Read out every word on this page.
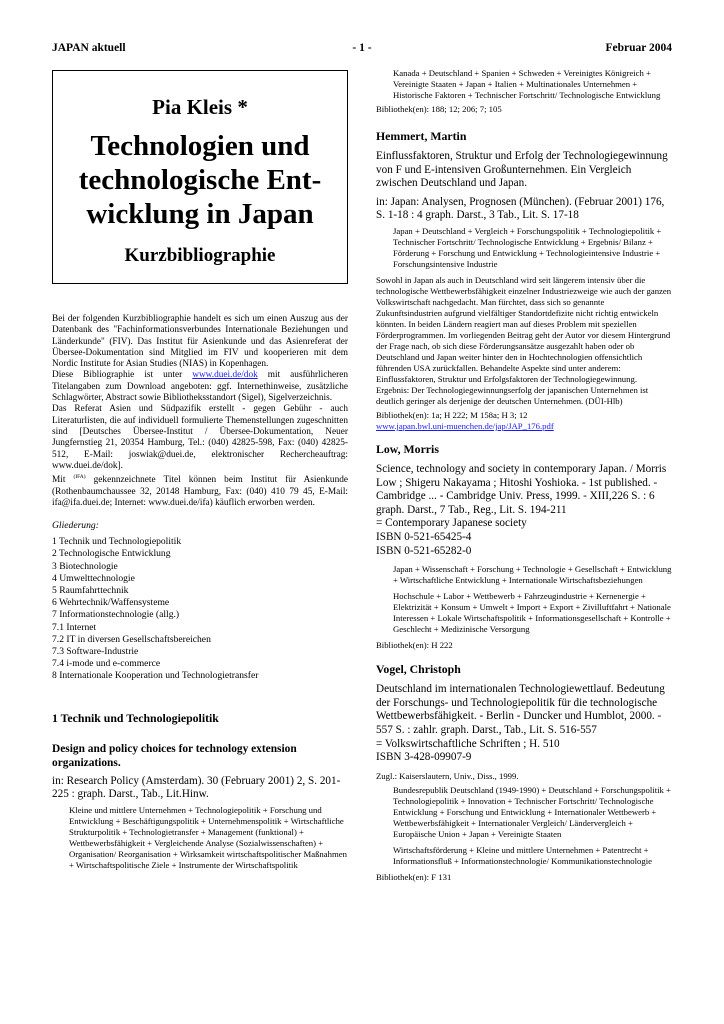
JAPAN aktuell	- 1 -	Februar 2004
Pia Kleis *
Technologien und
technologische Ent-
wicklung in Japan
Kurzbibliographie

Bei der folgenden Kurzbibliographie handelt es sich um einen Auszug aus der Datenbank des "Fachinformationsverbundes Internationale Beziehungen und Länderkunde" (FIV). Das Institut für Asienkunde und das Asienreferat der Übersee-Dokumentation sind Mitglied im FIV und kooperieren mit dem Nordic Institute for Asian Studies (NIAS) in Kopenhagen.

Diese Bibliographie ist unter www.duei.de/dok mit ausführlicheren Titelangaben zum Download angeboten: ggf. Internethinweise, zusätzliche Schlagwörter, Abstract sowie Bibliotheksstandort (Sigel), Sigelverzeichnis.

Das Referat Asien und Südpazifik erstellt - gegen Gebühr - auch Literaturlisten, die auf individuell formulierte Themenstellungen zugeschnitten sind [Deutsches Übersee-Institut / Übersee-Dokumentation, Neuer Jungfernstieg 21, 20354 Hamburg, Tel.: (040) 42825-598, Fax: (040) 42825-512, E-Mail: joswiak@duei.de, elektronischer Rechercheauftrag: www.duei.de/dok].

Mit $^{(IFA)}$ gekennzeichnete Titel können beim Institut für Asienkunde (Rothenbaumchaussee 32, 20148 Hamburg, Fax: (040) 410 79 45, E-Mail: ifa@ifa.duei.de; Internet: www.duei.de/ifa) käuflich erworben werden.

Gliederung:
1 Technik und Technologiepolitik
2 Technologische Entwicklung
3 Biotechnologie
4 Umwelttechnologie
5 Raumfahrttechnik
6 Wehrtechnik/Waffensysteme
7 Informationstechnologie (allg.)
7.1 Internet
7.2 IT in diversen Gesellschaftsbereichen
7.3 Software-Industrie
7.4 i-mode und e-commerce
8 Internationale Kooperation und Technologietransfer
1 Technik und Technologiepolitik
Design and policy choices for technology extension organizations.
in: Research Policy (Amsterdam). 30 (February 2001) 2, S. 201-225 : graph. Darst., Tab., Lit.Hinw.
Kleine und mittlere Unternehmen + Technologiepolitik + Forschung und Entwicklung + Beschäftigungspolitik + Unternehmenspolitik + Wirtschaftliche Strukturpolitik + Technologietransfer + Management (funktional) + Wettbewerbsfähigkeit + Vergleichende Analyse (Sozialwissenschaften) + Organisation/ Reorganisation + Wirksamkeit wirtschaftspolitischer Maßnahmen + Wirtschaftspolitische Ziele + Instrumente der Wirtschaftspolitik
Kanada + Deutschland + Spanien + Schweden + Vereinigtes Königreich + Vereinigte Staaten + Japan + Italien + Multinationales Unternehmen + Historische Faktoren + Technischer Fortschritt/ Technologische Entwicklung
Bibliothek(en): 188; 12; 206; 7; 105
Hemmert, Martin
Einflussfaktoren, Struktur und Erfolg der Technologiegewinnung von F und E-intensiven Großunternehmen. Ein Vergleich zwischen Deutschland und Japan.
in: Japan: Analysen, Prognosen (München). (Februar 2001) 176, S. 1-18 : 4 graph. Darst., 3 Tab., Lit. S. 17-18
Japan + Deutschland + Vergleich + Forschungspolitik + Technologiepolitik + Technischer Fortschritt/ Technologische Entwicklung + Ergebnis/ Bilanz + Förderung + Forschung und Entwicklung + Technologieintensive Industrie + Forschungsintensive Industrie
Sowohl in Japan als auch in Deutschland wird seit längerem intensiv über die technologische Wettbewerbsfähigkeit einzelner Industriezweige wie auch der ganzen Volkswirtschaft nachgedacht. Man fürchtet, dass sich so genannte Zukunftsindustrien aufgrund vielfältiger Standortdefizite nicht richtig entwickeln könnten. In beiden Ländern reagiert man auf dieses Problem mit speziellen Förderprogrammen. Im vorliegenden Beitrag geht der Autor vor diesem Hintergrund der Frage nach, ob sich diese Förderungsansätze ausgezahlt haben oder ob Deutschland und Japan weiter hinter den in Hochtechnologien offensichtlich führenden USA zurückfallen. Behandelte Aspekte sind unter anderem: Einflussfaktoren, Struktur und Erfolgsfaktoren der Technologiegewinnung. Ergebnis: Der Technologiegewinnungserfolg der japanischen Unternehmen ist deutlich geringer als derjenige der deutschen Unternehmen. (DÜI-Hlb)
Bibliothek(en): 1a; H 222; M 158a; H 3; 12
www.japan.bwl.uni-muenchen.de/jap/JAP_176.pdf
Low, Morris
Science, technology and society in contemporary Japan. / Morris Low ; Shigeru Nakayama ; Hitoshi Yoshioka. - 1st published. - Cambridge ... - Cambridge Univ. Press, 1999. - XIII,226 S. : 6 graph. Darst., 7 Tab., Reg., Lit. S. 194-211
= Contemporary Japanese society
ISBN 0-521-65425-4
ISBN 0-521-65282-0

Japan + Wissenschaft + Forschung + Technologie + Gesellschaft + Entwicklung + Wirtschaftliche Entwicklung + Internationale Wirtschaftsbeziehungen

Hochschule + Labor + Wettbewerb + Fahrzeugindustrie + Kernenergie + Elektrizität + Konsum + Umwelt + Import + Export + Zivilluftfahrt + Nationale Interessen + Lokale Wirtschaftspolitik + Informationsgesellschaft + Kontrolle + Geschlecht + Medizinische Versorgung

Bibliothek(en): H 222
Vogel, Christoph
Deutschland im internationalen Technologiewettlauf. Bedeutung der Forschungs- und Technologiepolitik für die technologische Wettbewerbsfähigkeit. - Berlin - Duncker und Humblot, 2000. - 557 S. : zahlr. graph. Darst., Tab., Lit. S. 516-557
= Volkswirtschaftliche Schriften ; H. 510
ISBN 3-428-09907-9
Zugl.: Kaiserslautern, Univ., Diss., 1999.

Bundesrepublik Deutschland (1949-1990) + Deutschland + Forschungspolitik + Technologiepolitik + Innovation + Technischer Fortschritt/ Technologische Entwicklung + Forschung und Entwicklung + Internationaler Wettbewerb + Wettbewerbsfähigkeit + Internationaler Vergleich/ Ländervergleich + Europäische Union + Japan + Vereinigte Staaten

Wirtschaftsförderung + Kleine und mittlere Unternehmen + Patentrecht + Informationsfluß + Informationstechnologie/ Kommunikationstechnologie

Bibliothek(en): F 131
